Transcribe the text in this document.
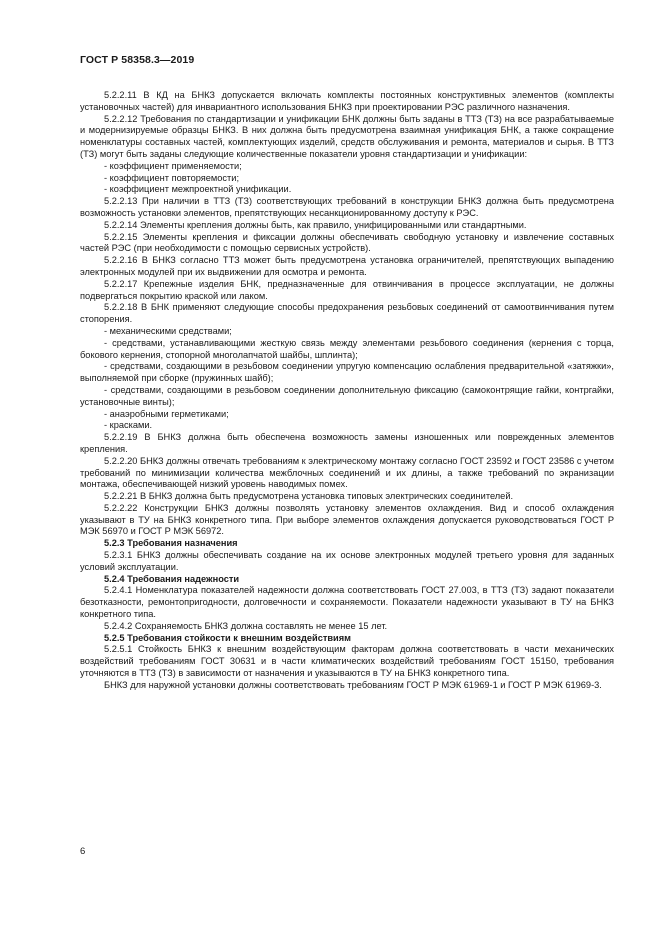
ГОСТ Р 58358.3—2019

5.2.2.11 В КД на БНКЗ допускается включать комплекты постоянных конструктивных элементов (комплекты установочных частей) для инвариантного использования БНКЗ при проектировании РЭС различного назначения.

5.2.2.12 Требования по стандартизации и унификации БНК должны быть заданы в ТТЗ (ТЗ) на все разрабатываемые и модернизируемые образцы БНКЗ. В них должна быть предусмотрена взаимная унификация БНК, а также сокращение номенклатуры составных частей, комплектующих изделий, средств обслуживания и ремонта, материалов и сырья. В ТТЗ (ТЗ) могут быть заданы следующие количественные показатели уровня стандартизации и унификации:

- коэффициент применяемости;

- коэффициент повторяемости;

- коэффициент межпроектной унификации.

5.2.2.13 При наличии в ТТЗ (ТЗ) соответствующих требований в конструкции БНКЗ должна быть предусмотрена возможность установки элементов, препятствующих несанкционированному доступу к РЭС.

5.2.2.14 Элементы крепления должны быть, как правило, унифицированными или стандартными.

5.2.2.15 Элементы крепления и фиксации должны обеспечивать свободную установку и извлечение составных частей РЭС (при необходимости с помощью сервисных устройств).

5.2.2.16 В БНКЗ согласно ТТЗ может быть предусмотрена установка ограничителей, препятствующих выпадению электронных модулей при их выдвижении для осмотра и ремонта.

5.2.2.17 Крепежные изделия БНК, предназначенные для отвинчивания в процессе эксплуатации, не должны подвергаться покрытию краской или лаком.

5.2.2.18 В БНК применяют следующие способы предохранения резьбовых соединений от самоотвинчивания путем стопорения.

- механическими средствами;

- средствами, устанавливающими жесткую связь между элементами резьбового соединения (кернения с торца, бокового кернения, стопорной многолапчатой шайбы, шплинта);

- средствами, создающими в резьбовом соединении упругую компенсацию ослабления предварительной «затяжки», выполняемой при сборке (пружинных шайб);

- средствами, создающими в резьбовом соединении дополнительную фиксацию (самоконтрящие гайки, контргайки, установочные винты);

- анаэробными герметиками;

- красками.

5.2.2.19 В БНКЗ должна быть обеспечена возможность замены изношенных или поврежденных элементов крепления.

5.2.2.20 БНКЗ должны отвечать требованиям к электрическому монтажу согласно ГОСТ 23592 и ГОСТ 23586 с учетом требований по минимизации количества межблочных соединений и их длины, а также требований по экранизации монтажа, обеспечивающей низкий уровень наводимых помех.

5.2.2.21 В БНКЗ должна быть предусмотрена установка типовых электрических соединителей.

5.2.2.22 Конструкции БНКЗ должны позволять установку элементов охлаждения. Вид и способ охлаждения указывают в ТУ на БНКЗ конкретного типа. При выборе элементов охлаждения допускается руководствоваться ГОСТ Р МЭК 56970 и ГОСТ Р МЭК 56972.

5.2.3 Требования назначения

5.2.3.1 БНКЗ должны обеспечивать создание на их основе электронных модулей третьего уровня для заданных условий эксплуатации.

5.2.4 Требования надежности

5.2.4.1 Номенклатура показателей надежности должна соответствовать ГОСТ 27.003, в ТТЗ (ТЗ) задают показатели безотказности, ремонтопригодности, долговечности и сохраняемости. Показатели надежности указывают в ТУ на БНКЗ конкретного типа.

5.2.4.2 Сохраняемость БНКЗ должна составлять не менее 15 лет.

5.2.5 Требования стойкости к внешним воздействиям

5.2.5.1 Стойкость БНКЗ к внешним воздействующим факторам должна соответствовать в части механических воздействий требованиям ГОСТ 30631 и в части климатических воздействий требованиям ГОСТ 15150, требования уточняются в ТТЗ (ТЗ) в зависимости от назначения и указываются в ТУ на БНКЗ конкретного типа.

БНКЗ для наружной установки должны соответствовать требованиям ГОСТ Р МЭК 61969-1 и ГОСТ Р МЭК 61969-3.

6
